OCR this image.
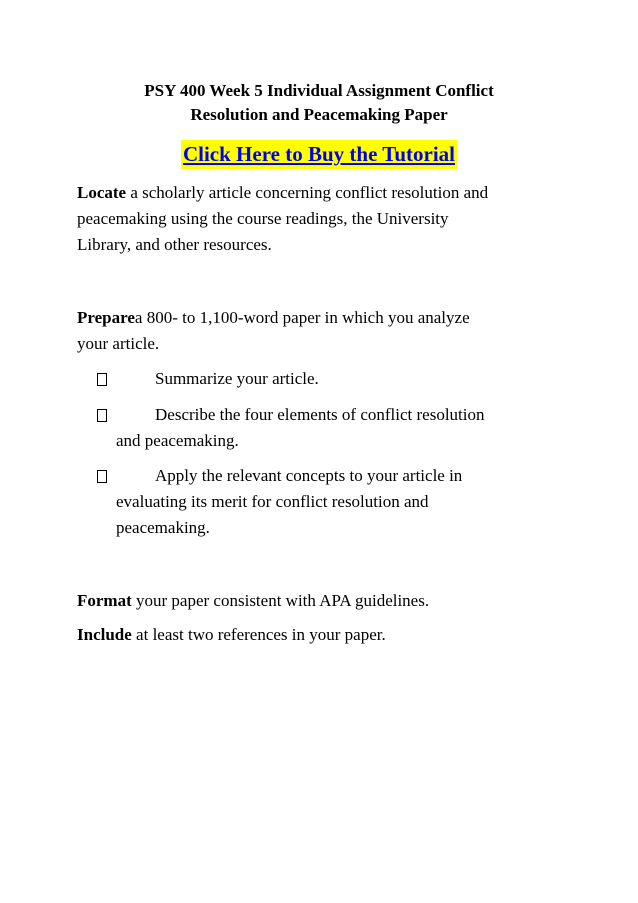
PSY 400 Week 5 Individual Assignment Conflict
Resolution and Peacemaking Paper
Click Here to Buy the Tutorial
Locate a scholarly article concerning conflict resolution and
peacemaking using the course readings, the University
Library, and other resources.
Preparea 800- to 1,100-word paper in which you analyze
your article.
Summarize your article.
Describe the four elements of conflict resolution
and peacemaking.
Apply the relevant concepts to your article in
evaluating its merit for conflict resolution and
peacemaking.
Format your paper consistent with APA guidelines.
Include at least two references in your paper.
